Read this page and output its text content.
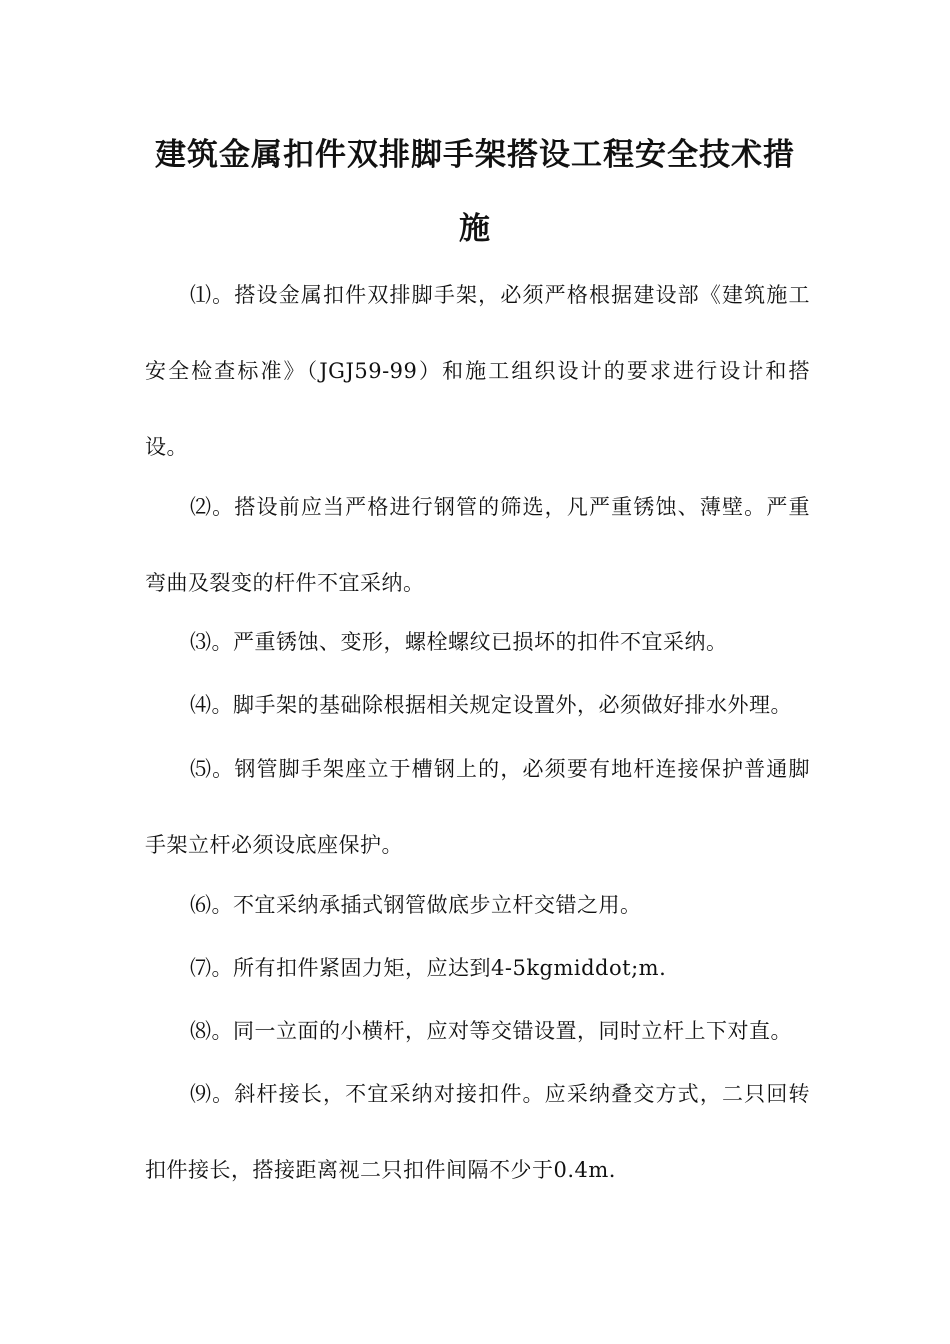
建筑金属扣件双排脚手架搭设工程安全技术措施

⑴。搭设金属扣件双排脚手架，必须严格根据建设部《建筑施工安全检查标准》（JGJ59-99）和施工组织设计的要求进行设计和搭设。

⑵。搭设前应当严格进行钢管的筛选，凡严重锈蚀、薄壁。严重弯曲及裂变的杆件不宜采纳。

⑶。严重锈蚀、变形，螺栓螺纹已损坏的扣件不宜采纳。

⑷。脚手架的基础除根据相关规定设置外，必须做好排水外理。

⑸。钢管脚手架座立于槽钢上的，必须要有地杆连接保护普通脚手架立杆必须设底座保护。

⑹。不宜采纳承插式钢管做底步立杆交错之用。

⑺。所有扣件紧固力矩，应达到4-5kgmiddot;m.

⑻。同一立面的小横杆，应对等交错设置，同时立杆上下对直。

⑼。斜杆接长，不宜采纳对接扣件。应采纳叠交方式，二只回转扣件接长，搭接距离视二只扣件间隔不少于0.4m.
